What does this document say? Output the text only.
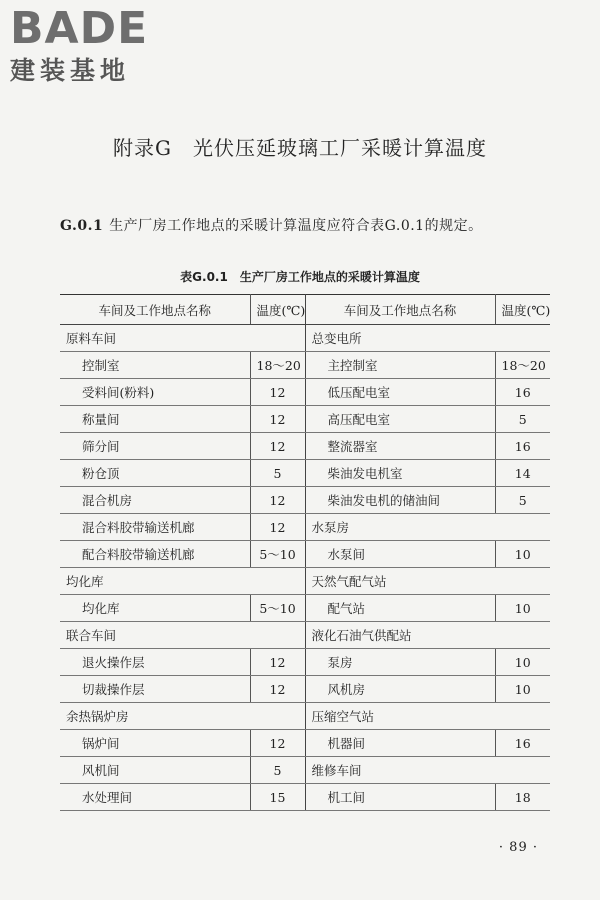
BADE
建装基地
附录G　光伏压延玻璃工厂采暖计算温度
G.0.1 生产厂房工作地点的采暖计算温度应符合表G.0.1的规定。
表G.0.1　生产厂房工作地点的采暖计算温度
车间及工作地点名称	温度(℃)	车间及工作地点名称	温度(℃)
原料车间		总变电所	
控制室	18～20	主控制室	18～20
受料间(粉料)	12	低压配电室	16
称量间	12	高压配电室	5
筛分间	12	整流器室	16
粉仓顶	5	柴油发电机室	14
混合机房	12	柴油发电机的储油间	5
混合料胶带输送机廊	12	水泵房	
配合料胶带输送机廊	5～10	水泵间	10
均化库		天然气配气站	
均化库	5～10	配气站	10
联合车间		液化石油气供配站	
退火操作层	12	泵房	10
切裁操作层	12	风机房	10
余热锅炉房		压缩空气站	
锅炉间	12	机器间	16
风机间	5	维修车间	
水处理间	15	机工间	18
· 89 ·
